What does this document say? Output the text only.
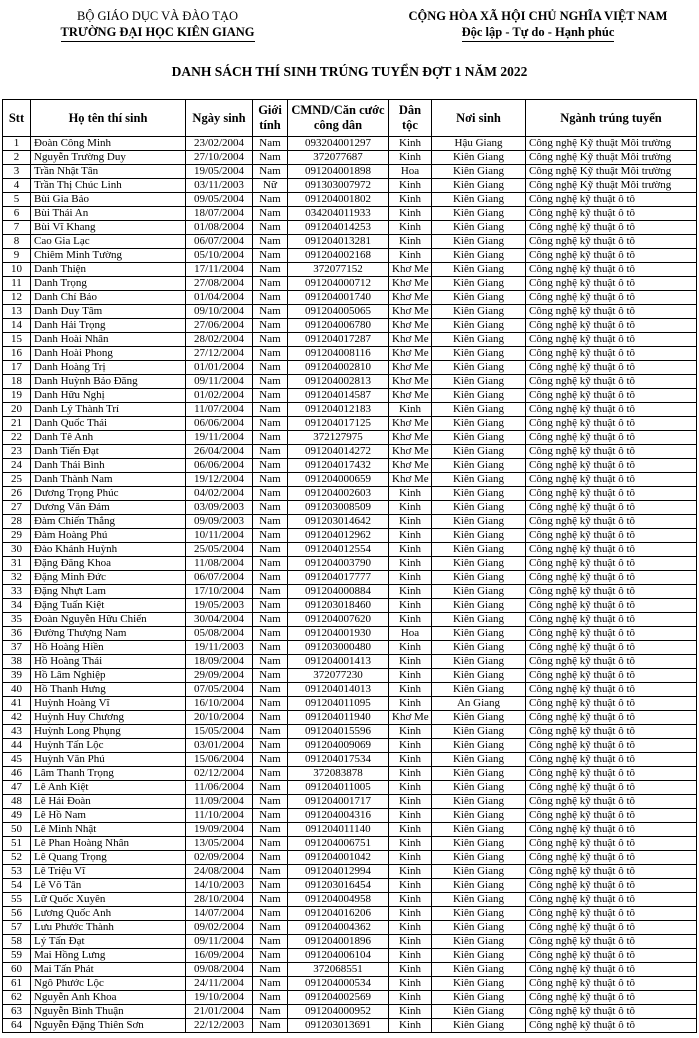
BỘ GIÁO DỤC VÀ ĐÀO TẠO
TRƯỜNG ĐẠI HỌC KIÊN GIANG
CỘNG HÒA XÃ HỘI CHỦ NGHĨA VIỆT NAM
Độc lập - Tự do - Hạnh phúc
DANH SÁCH THÍ SINH TRÚNG TUYỂN ĐỢT 1 NĂM 2022
Stt	Họ tên thí sinh	Ngày sinh	Giới tính	CMND/Căn cước công dân	Dân tộc	Nơi sinh	Ngành trúng tuyển
1	Đoàn Công Minh	23/02/2004	Nam	093204001297	Kinh	Hậu Giang	Công nghệ Kỹ thuật Môi trường
2	Nguyễn Trường Duy	27/10/2004	Nam	372077687	Kinh	Kiên Giang	Công nghệ Kỹ thuật Môi trường
3	Trần Nhật Tân	19/05/2004	Nam	091204001898	Hoa	Kiên Giang	Công nghệ Kỹ thuật Môi trường
4	Trần Thị Chúc Linh	03/11/2003	Nữ	091303007972	Kinh	Kiên Giang	Công nghệ Kỹ thuật Môi trường
5	Bùi Gia Bảo	09/05/2004	Nam	091204001802	Kinh	Kiên Giang	Công nghệ kỹ thuật ô tô
6	Bùi Thái An	18/07/2004	Nam	034204011933	Kinh	Kiên Giang	Công nghệ kỹ thuật ô tô
7	Bùi Vĩ Khang	01/08/2004	Nam	091204014253	Kinh	Kiên Giang	Công nghệ kỹ thuật ô tô
8	Cao Gia Lạc	06/07/2004	Nam	091204013281	Kinh	Kiên Giang	Công nghệ kỹ thuật ô tô
9	Chiêm Minh Tường	05/10/2004	Nam	091204002168	Kinh	Kiên Giang	Công nghệ kỹ thuật ô tô
10	Danh Thiện	17/11/2004	Nam	372077152	Khơ Me	Kiên Giang	Công nghệ kỹ thuật ô tô
11	Danh Trọng	27/08/2004	Nam	091204000712	Khơ Me	Kiên Giang	Công nghệ kỹ thuật ô tô
12	Danh Chí Bảo	01/04/2004	Nam	091204001740	Khơ Me	Kiên Giang	Công nghệ kỹ thuật ô tô
13	Danh Duy Tâm	09/10/2004	Nam	091204005065	Khơ Me	Kiên Giang	Công nghệ kỹ thuật ô tô
14	Danh Hải Trọng	27/06/2004	Nam	091204006780	Khơ Me	Kiên Giang	Công nghệ kỹ thuật ô tô
15	Danh Hoài Nhân	28/02/2004	Nam	091204017287	Khơ Me	Kiên Giang	Công nghệ kỹ thuật ô tô
16	Danh Hoài Phong	27/12/2004	Nam	091204008116	Khơ Me	Kiên Giang	Công nghệ kỹ thuật ô tô
17	Danh Hoàng Trị	01/01/2004	Nam	091204002810	Khơ Me	Kiên Giang	Công nghệ kỹ thuật ô tô
18	Danh Huỳnh Bảo Đăng	09/11/2004	Nam	091204002813	Khơ Me	Kiên Giang	Công nghệ kỹ thuật ô tô
19	Danh Hữu Nghị	01/02/2004	Nam	091204014587	Khơ Me	Kiên Giang	Công nghệ kỹ thuật ô tô
20	Danh Lý Thành Trí	11/07/2004	Nam	091204012183	Kinh	Kiên Giang	Công nghệ kỹ thuật ô tô
21	Danh Quốc Thái	06/06/2004	Nam	091204017125	Khơ Me	Kiên Giang	Công nghệ kỹ thuật ô tô
22	Danh Tê Anh	19/11/2004	Nam	372127975	Khơ Me	Kiên Giang	Công nghệ kỹ thuật ô tô
23	Danh Tiến Đạt	26/04/2004	Nam	091204014272	Khơ Me	Kiên Giang	Công nghệ kỹ thuật ô tô
24	Danh Thái Bình	06/06/2004	Nam	091204017432	Khơ Me	Kiên Giang	Công nghệ kỹ thuật ô tô
25	Danh Thành Nam	19/12/2004	Nam	091204000659	Khơ Me	Kiên Giang	Công nghệ kỹ thuật ô tô
26	Dương Trọng Phúc	04/02/2004	Nam	091204002603	Kinh	Kiên Giang	Công nghệ kỹ thuật ô tô
27	Dương Văn Đảm	03/09/2003	Nam	091203008509	Kinh	Kiên Giang	Công nghệ kỹ thuật ô tô
28	Đàm Chiến Thắng	09/09/2003	Nam	091203014642	Kinh	Kiên Giang	Công nghệ kỹ thuật ô tô
29	Đàm Hoàng Phú	10/11/2004	Nam	091204012962	Kinh	Kiên Giang	Công nghệ kỹ thuật ô tô
30	Đào Khánh Huỳnh	25/05/2004	Nam	091204012554	Kinh	Kiên Giang	Công nghệ kỹ thuật ô tô
31	Đặng Đăng Khoa	11/08/2004	Nam	091204003790	Kinh	Kiên Giang	Công nghệ kỹ thuật ô tô
32	Đặng Minh Đức	06/07/2004	Nam	091204017777	Kinh	Kiên Giang	Công nghệ kỹ thuật ô tô
33	Đặng Nhựt Lam	17/10/2004	Nam	091204000884	Kinh	Kiên Giang	Công nghệ kỹ thuật ô tô
34	Đặng Tuấn Kiệt	19/05/2003	Nam	091203018460	Kinh	Kiên Giang	Công nghệ kỹ thuật ô tô
35	Đoàn Nguyễn Hữu Chiến	30/04/2004	Nam	091204007620	Kinh	Kiên Giang	Công nghệ kỹ thuật ô tô
36	Đường Thượng Nam	05/08/2004	Nam	091204001930	Hoa	Kiên Giang	Công nghệ kỹ thuật ô tô
37	Hồ Hoàng Hiền	19/11/2003	Nam	091203000480	Kinh	Kiên Giang	Công nghệ kỹ thuật ô tô
38	Hồ Hoàng Thái	18/09/2004	Nam	091204001413	Kinh	Kiên Giang	Công nghệ kỹ thuật ô tô
39	Hồ Lâm Nghiệp	29/09/2004	Nam	372077230	Kinh	Kiên Giang	Công nghệ kỹ thuật ô tô
40	Hồ Thanh Hưng	07/05/2004	Nam	091204014013	Kinh	Kiên Giang	Công nghệ kỹ thuật ô tô
41	Huỳnh Hoàng Vĩ	16/10/2004	Nam	091204011095	Kinh	An Giang	Công nghệ kỹ thuật ô tô
42	Huỳnh Huy Chương	20/10/2004	Nam	091204011940	Khơ Me	Kiên Giang	Công nghệ kỹ thuật ô tô
43	Huỳnh Long Phụng	15/05/2004	Nam	091204015596	Kinh	Kiên Giang	Công nghệ kỹ thuật ô tô
44	Huỳnh Tấn Lộc	03/01/2004	Nam	091204009069	Kinh	Kiên Giang	Công nghệ kỹ thuật ô tô
45	Huỳnh Văn Phú	15/06/2004	Nam	091204017534	Kinh	Kiên Giang	Công nghệ kỹ thuật ô tô
46	Lâm Thanh Trọng	02/12/2004	Nam	372083878	Kinh	Kiên Giang	Công nghệ kỹ thuật ô tô
47	Lê Anh Kiệt	11/06/2004	Nam	091204011005	Kinh	Kiên Giang	Công nghệ kỹ thuật ô tô
48	Lê Hải Đoàn	11/09/2004	Nam	091204001717	Kinh	Kiên Giang	Công nghệ kỹ thuật ô tô
49	Lê Hồ Nam	11/10/2004	Nam	091204004316	Kinh	Kiên Giang	Công nghệ kỹ thuật ô tô
50	Lê Minh Nhật	19/09/2004	Nam	091204011140	Kinh	Kiên Giang	Công nghệ kỹ thuật ô tô
51	Lê Phan Hoàng Nhân	13/05/2004	Nam	091204006751	Kinh	Kiên Giang	Công nghệ kỹ thuật ô tô
52	Lê Quang Trọng	02/09/2004	Nam	091204001042	Kinh	Kiên Giang	Công nghệ kỹ thuật ô tô
53	Lê Triệu Vĩ	24/08/2004	Nam	091204012994	Kinh	Kiên Giang	Công nghệ kỹ thuật ô tô
54	Lê Võ Tân	14/10/2003	Nam	091203016454	Kinh	Kiên Giang	Công nghệ kỹ thuật ô tô
55	Lữ Quốc Xuyên	28/10/2004	Nam	091204004958	Kinh	Kiên Giang	Công nghệ kỹ thuật ô tô
56	Lương Quốc Anh	14/07/2004	Nam	091204016206	Kinh	Kiên Giang	Công nghệ kỹ thuật ô tô
57	Lưu Phước Thành	09/02/2004	Nam	091204004362	Kinh	Kiên Giang	Công nghệ kỹ thuật ô tô
58	Lý Tấn Đạt	09/11/2004	Nam	091204001896	Kinh	Kiên Giang	Công nghệ kỹ thuật ô tô
59	Mai Hồng Lưng	16/09/2004	Nam	091204006104	Kinh	Kiên Giang	Công nghệ kỹ thuật ô tô
60	Mai Tấn Phát	09/08/2004	Nam	372068551	Kinh	Kiên Giang	Công nghệ kỹ thuật ô tô
61	Ngô Phước Lộc	24/11/2004	Nam	091204000534	Kinh	Kiên Giang	Công nghệ kỹ thuật ô tô
62	Nguyễn Anh Khoa	19/10/2004	Nam	091204002569	Kinh	Kiên Giang	Công nghệ kỹ thuật ô tô
63	Nguyễn Bình Thuận	21/01/2004	Nam	091204000952	Kinh	Kiên Giang	Công nghệ kỹ thuật ô tô
64	Nguyễn Đặng Thiên Sơn	22/12/2003	Nam	091203013691	Kinh	Kiên Giang	Công nghệ kỹ thuật ô tô
